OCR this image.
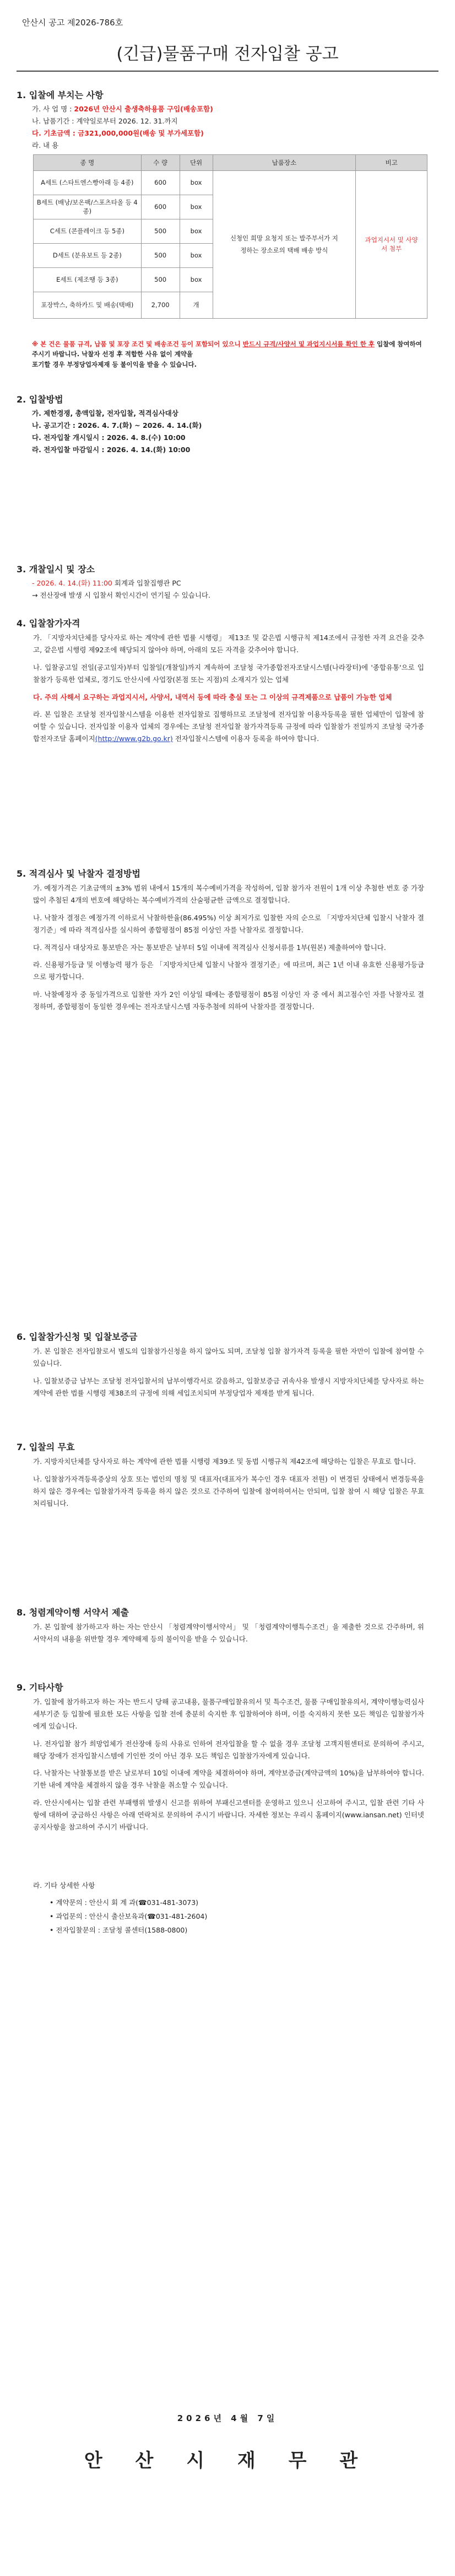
안산시 공고 제2026-786호
(긴급)물품구매 전자입찰 공고
1. 입찰에 부치는 사항
가. 사 업 명 : 2026년 안산시 출생축하용품 구입(배송포함)
나. 납품기간 : 계약일로부터 2026. 12. 31.까지
다. 기초금액 : 금321,000,000원(배송 및 부가세포함)
라. 내 용
종 명	수 량	단위	납품장소	비고
A세트 (스타트엔스빵아래 등 4종)	600	box	신청인 희망 요청지 또는 발주부서가 지정하는 장소로의 택배 배송 방식	과업지시서 및 사양서 첨부
B세트 (배낭/보온팩/스포츠타올 등 4종)	600	box		
C세트 (콘플레이크 등 5종)	500	box		
D세트 (분유보트 등 2종)	500	box		
E세트 (제조땡 등 3종)	500	box		
포장박스, 축하카드 및 배송(택배)	2,700	개		
※ 본 건은 물품 규격, 납품 및 포장 조건 및 배송조건 등이 포함되어 있으니 반드시 규격/사양서 및 과업지시서를 확인 한 후 입찰에 참여하여 주시기 바랍니다. 낙찰자 선정 후 적합한 사유 없이 계약을
포기할 경우 부정당업자제재 등 불이익을 받을 수 있습니다.
2. 입찰방법
가. 제한경쟁, 총액입찰, 전자입찰, 적격심사대상
나. 공고기간 : 2026. 4. 7.(화) ~ 2026. 4. 14.(화)
다. 전자입찰 개시일시 : 2026. 4. 8.(수) 10:00
라. 전자입찰 마감일시 : 2026. 4. 14.(화) 10:00
3. 개찰일시 및 장소
- 2026. 4. 14.(화) 11:00 회계과 입찰집행관 PC
→ 전산장애 발생 시 입찰서 확인시간이 연기될 수 있습니다.
4. 입찰참가자격

가. 「지방자치단체를 당사자로 하는 계약에 관한 법률 시행령」 제13조 및 같은법 시행규칙 제14조에서 규정한 자격 요건을 갖추고, 같은법 시행령 제92조에 해당되지 않아야 하며, 아래의 모든 자격을 갖추어야 합니다.

나. 입찰공고일 전일(공고일자)부터 입찰일(개찰일)까지 계속하여 조달청 국가종합전자조달시스템(나라장터)에 '종합유통'으로 입찰참가 등록한 업체로, 경기도 안산시에 사업장(본점 또는 지점)의 소재지가 있는 업체

다. 주의 사해서 요구하는 과업지시서, 사양서, 내역서 등에 따라 충실 또는 그 이상의 규격제품으로 납품이 가능한 업체

라. 본 입찰은 조달청 전자입찰시스템을 이용한 전자입찰로 집행하므로 조달청에 전자입찰 이용자등록을 필한 업체만이 입찰에 참여할 수 있습니다. 전자입찰 이용자 업체의 경우에는 조달청 전자입찰 참가자격등록 규정에 따라 입찰참가 전일까지 조달청 국가종합전자조달 홈페이지(http://www.g2b.go.kr) 전자입찰시스템에 이용자 등록을 하여야 합니다.

5. 적격심사 및 낙찰자 결정방법

가. 예정가격은 기초금액의 ±3% 범위 내에서 15개의 복수예비가격을 작성하여, 입찰 참가자 전원이 1개 이상 추첨한 번호 중 가장 많이 추첨된 4개의 번호에 해당하는 복수예비가격의 산술평균한 금액으로 결정합니다.

나. 낙찰자 결정은 예정가격 이하로서 낙찰하한율(86.495%) 이상 최저가로 입찰한 자의 순으로 「지방자치단체 입찰시 낙찰자 결정기준」에 따라 적격심사를 실시하여 종합평점이 85점 이상인 자를 낙찰자로 결정합니다.

다. 적격심사 대상자로 통보받은 자는 통보받은 날부터 5일 이내에 적격심사 신청서류를 1부(원본) 제출하여야 합니다.

라. 신용평가등급 및 이행능력 평가 등은 「지방자치단체 입찰시 낙찰자 결정기준」에 따르며, 최근 1년 이내 유효한 신용평가등급으로 평가합니다.

마. 낙찰예정자 중 동일가격으로 입찰한 자가 2인 이상일 때에는 종합평점이 85점 이상인 자 중 에서 최고점수인 자를 낙찰자로 결정하며, 종합평점이 동일한 경우에는 전자조달시스템 자동추첨에 의하여 낙찰자를 결정합니다.

6. 입찰참가신청 및 입찰보증금

가. 본 입찰은 전자입찰로서 별도의 입찰참가신청을 하지 않아도 되며, 조달청 입찰 참가자격 등록을 필한 자만이 입찰에 참여할 수 있습니다.

나. 입찰보증금 납부는 조달청 전자입찰서의 납부이행각서로 갈음하고, 입찰보증금 귀속사유 발생시 지방자치단체를 당사자로 하는 계약에 관한 법률 시행령 제38조의 규정에 의해 세입조치되며 부정당업자 제재를 받게 됩니다.

7. 입찰의 무효

가. 지방자치단체를 당사자로 하는 계약에 관한 법률 시행령 제39조 및 동법 시행규칙 제42조에 해당하는 입찰은 무효로 합니다.

나. 입찰참가자격등록증상의 상호 또는 법인의 명칭 및 대표자(대표자가 복수인 경우 대표자 전원) 이 변경된 상태에서 변경등록을 하지 않은 경우에는 입찰참가자격 등록을 하지 않은 것으로 간주하여 입찰에 참여하여서는 안되며, 입찰 참여 시 해당 입찰은 무효 처리됩니다.

8. 청렴계약이행 서약서 제출

가. 본 입찰에 참가하고자 하는 자는 안산시 「청렴계약이행서약서」 및 「청렴계약이행특수조건」을 제출한 것으로 간주하며, 위 서약서의 내용을 위반할 경우 계약해제 등의 불이익을 받을 수 있습니다.

9. 기타사항

가. 입찰에 참가하고자 하는 자는 반드시 당해 공고내용, 물품구매입찰유의서 및 특수조건, 물품 구매입찰유의서, 계약이행능력심사 세부기준 등 입찰에 필요한 모든 사항을 입찰 전에 충분히 숙지한 후 입찰하여야 하며, 이를 숙지하지 못한 모든 책임은 입찰참가자에게 있습니다.

나. 전자입찰 참가 희망업체가 전산장애 등의 사유로 인하여 전자입찰을 할 수 없을 경우 조달청 고객지원센터로 문의하여 주시고, 해당 장애가 전자입찰시스템에 기인한 것이 아닌 경우 모든 책임은 입찰참가자에게 있습니다.

다. 낙찰자는 낙찰통보를 받은 날로부터 10일 이내에 계약을 체결하여야 하며, 계약보증금(계약금액의 10%)을 납부하여야 합니다. 기한 내에 계약을 체결하지 않을 경우 낙찰을 취소할 수 있습니다.

라. 안산시에서는 입찰 관련 부패행위 발생시 신고를 위하여 부패신고센터를 운영하고 있으니 신고하여 주시고, 입찰 관련 기타 사항에 대하여 궁금하신 사항은 아래 연락처로 문의하여 주시기 바랍니다. 자세한 정보는 우리시 홈페이지(www.iansan.net) 인터넷 공지사항을 참고하여 주시기 바랍니다.

라. 기타 상세한 사항
• 계약문의 : 안산시 회 계 과(☎031-481-3073)
• 과업문의 : 안산시 출산보육과(☎031-481-2604)
• 전자입찰문의 : 조달청 콜센터(1588-0800)
2026년 4월 7일
안 산 시 재 무 관
